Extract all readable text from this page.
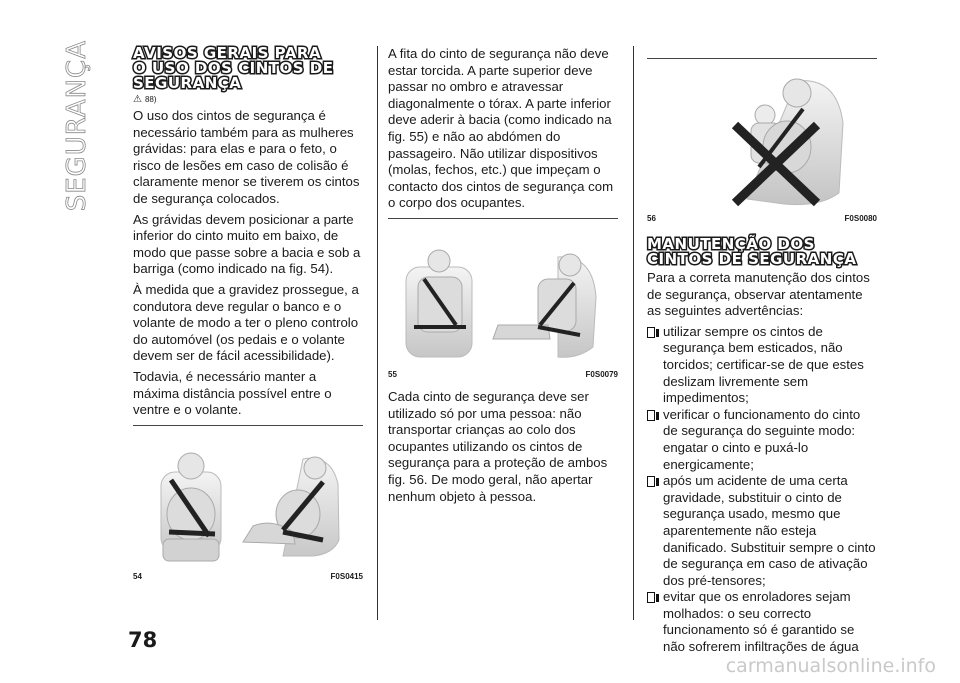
SEGURANÇA	AVISOS GERAIS PARA
O USO DOS CINTOS DE
SEGURANÇA
⚠ 88)

O uso dos cintos de segurança é necessário também para as mulheres grávidas: para elas e para o feto, o risco de lesões em caso de colisão é claramente menor se tiverem os cintos de segurança colocados.

As grávidas devem posicionar a parte inferior do cinto muito em baixo, de modo que passe sobre a bacia e sob a barriga (como indicado na fig. 54).

À medida que a gravidez prossegue, a condutora deve regular o banco e o volante de modo a ter o pleno controlo do automóvel (os pedais e o volante devem ser de fácil acessibilidade).

Todavia, é necessário manter a máxima distância possível entre o ventre e o volante.

54	F0S0415

A fita do cinto de segurança não deve estar torcida. A parte superior deve passar no ombro e atravessar diagonalmente o tórax. A parte inferior deve aderir à bacia (como indicado na fig. 55) e não ao abdómen do passageiro. Não utilizar dispositivos (molas, fechos, etc.) que impeçam o contacto dos cintos de segurança com o corpo dos ocupantes.

55	F0S0079

Cada cinto de segurança deve ser utilizado só por uma pessoa: não transportar crianças ao colo dos ocupantes utilizando os cintos de segurança para a proteção de ambos fig. 56. De modo geral, não apertar nenhum objeto à pessoa.

56	F0S0080
MANUTENÇÃO DOS
CINTOS DE SEGURANÇA

Para a correta manutenção dos cintos de segurança, observar atentamente as seguintes advertências:

utilizar sempre os cintos de segurança bem esticados, não torcidos; certificar-se de que estes deslizam livremente sem impedimentos;
verificar o funcionamento do cinto de segurança do seguinte modo: engatar o cinto e puxá-lo energicamente;
após um acidente de uma certa gravidade, substituir o cinto de segurança usado, mesmo que aparentemente não esteja danificado. Substituir sempre o cinto de segurança em caso de ativação dos pré-tensores;
evitar que os enroladores sejam molhados: o seu correcto funcionamento só é garantido se não sofrerem infiltrações de água
78
carmanualsonline.info
